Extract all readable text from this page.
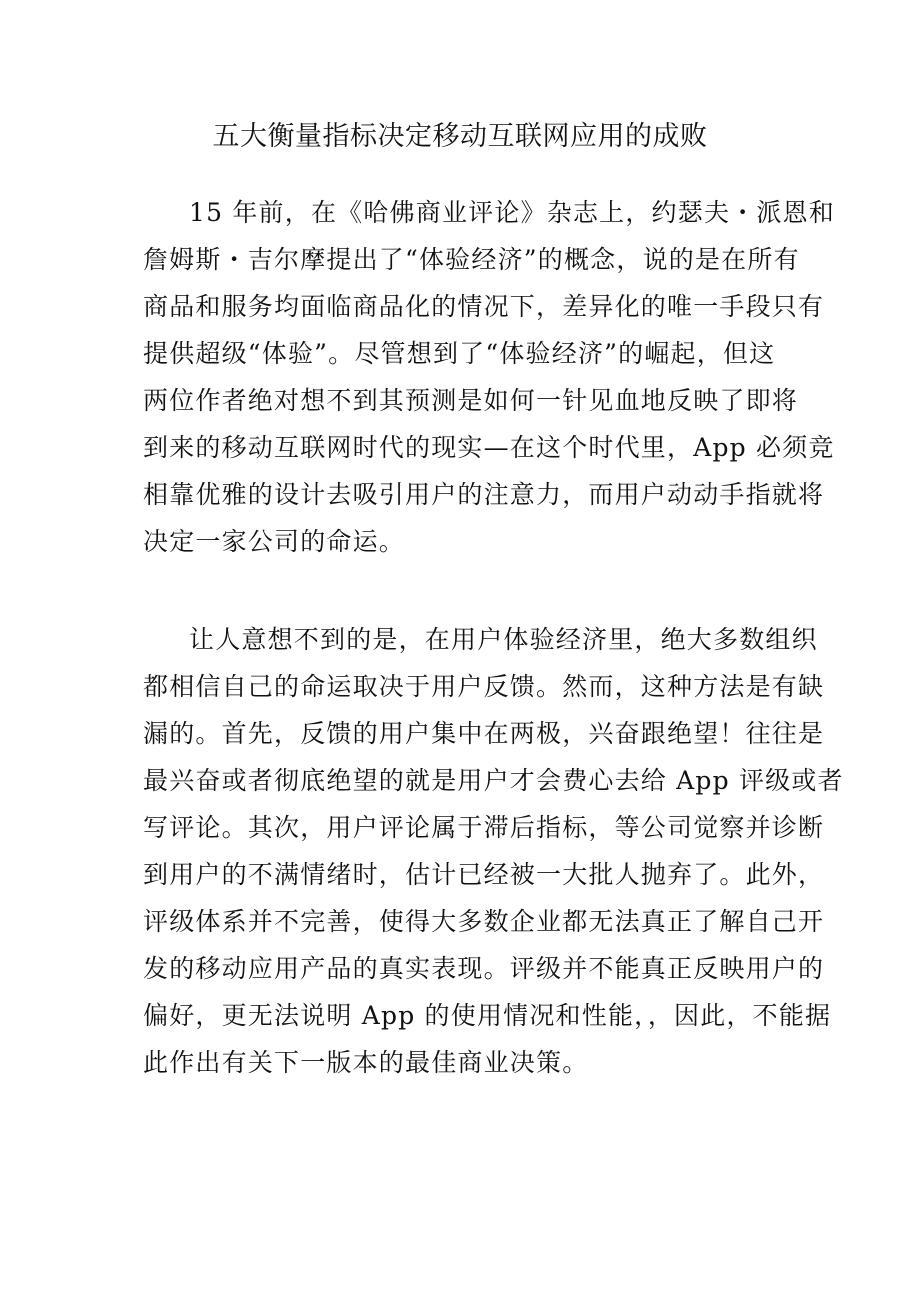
五大衡量指标决定移动互联网应用的成败
15 年前，在《哈佛商业评论》杂志上，约瑟夫・派恩和
詹姆斯・吉尔摩提出了“体验经济”的概念，说的是在所有
商品和服务均面临商品化的情况下，差异化的唯一手段只有
提供超级“体验”。尽管想到了“体验经济”的崛起，但这
两位作者绝对想不到其预测是如何一针见血地反映了即将
到来的移动互联网时代的现实—在这个时代里，App 必须竞
相靠优雅的设计去吸引用户的注意力，而用户动动手指就将
决定一家公司的命运。
让人意想不到的是，在用户体验经济里，绝大多数组织
都相信自己的命运取决于用户反馈。然而，这种方法是有缺
漏的。首先，反馈的用户集中在两极，兴奋跟绝望！往往是
最兴奋或者彻底绝望的就是用户才会费心去给 App 评级或者
写评论。其次，用户评论属于滞后指标，等公司觉察并诊断
到用户的不满情绪时，估计已经被一大批人抛弃了。此外，
评级体系并不完善，使得大多数企业都无法真正了解自己开
发的移动应用产品的真实表现。评级并不能真正反映用户的
偏好，更无法说明 App 的使用情况和性能，，因此，不能据
此作出有关下一版本的最佳商业决策。
